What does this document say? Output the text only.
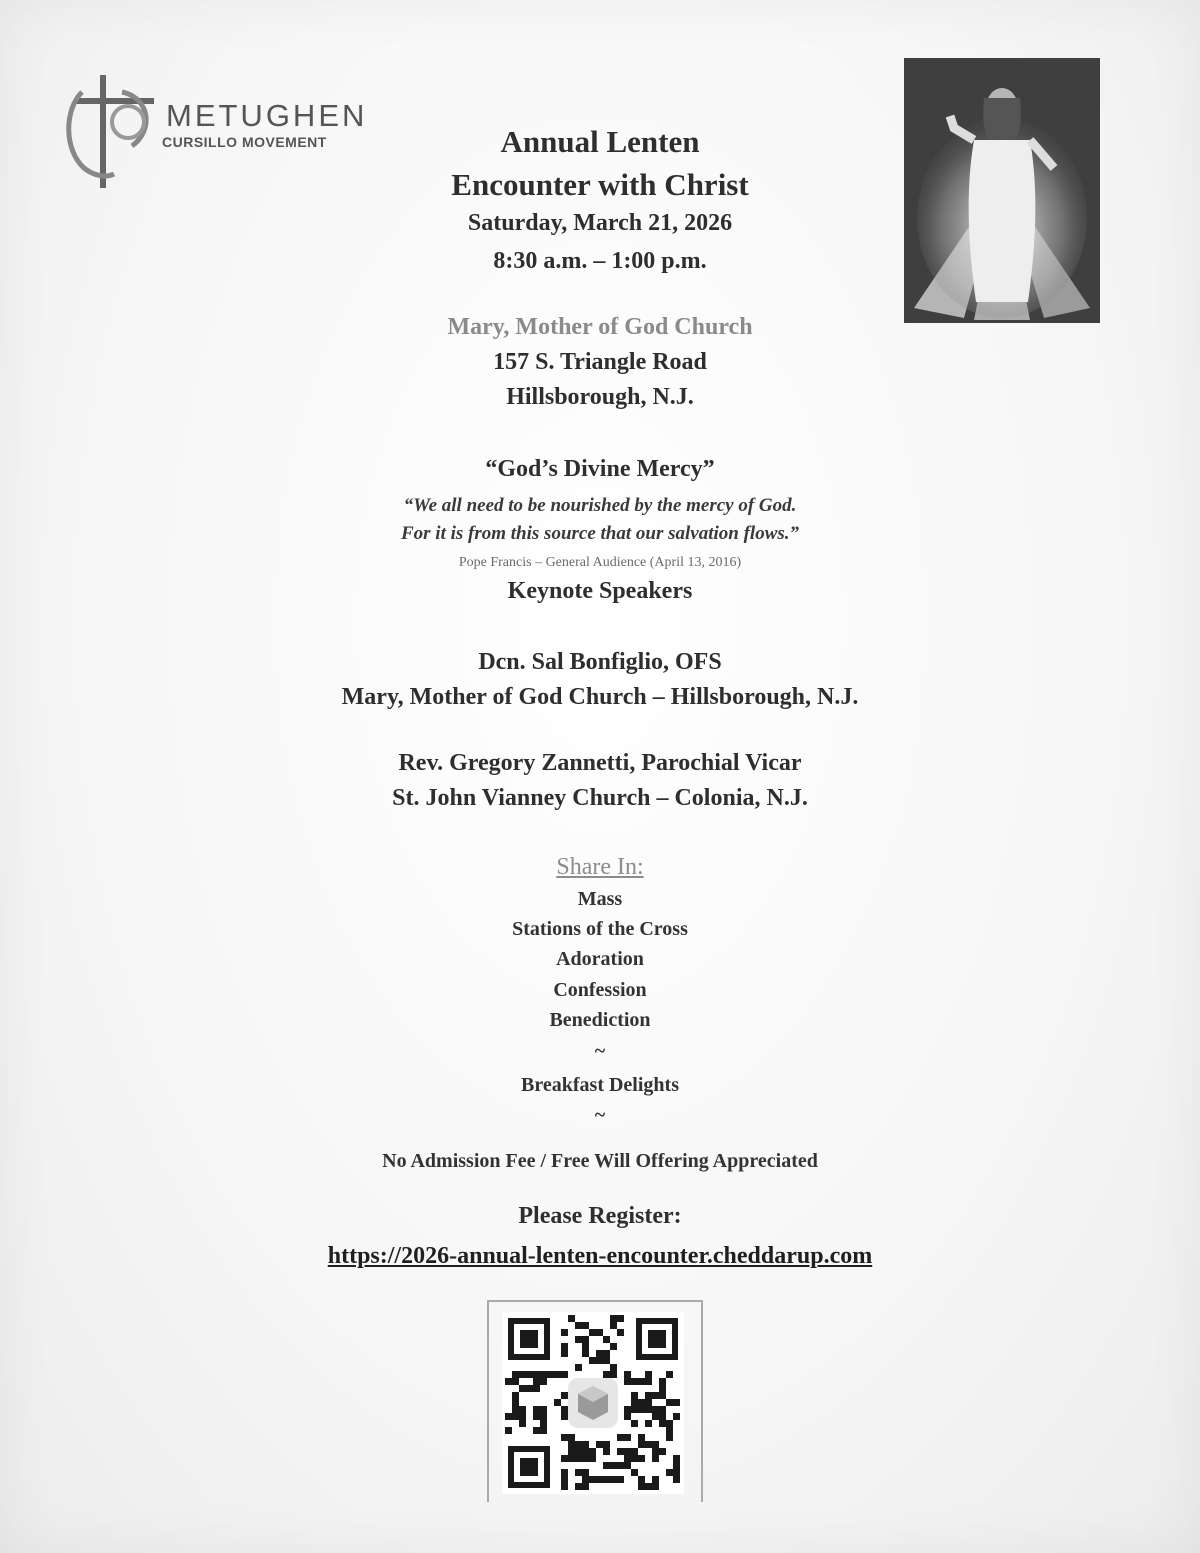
METUGHEN
CURSILLO MOVEMENT	Annual Lenten
Encounter with Christ
Saturday, March 21, 2026
8:30 a.m. – 1:00 p.m.
Mary, Mother of God Church
157 S. Triangle Road
Hillsborough, N.J.
“God’s Divine Mercy”
“We all need to be nourished by the mercy of God.
For it is from this source that our salvation flows.”
Pope Francis – General Audience (April 13, 2016)
Keynote Speakers
Dcn. Sal Bonfiglio, OFS
Mary, Mother of God Church – Hillsborough, N.J.
Rev. Gregory Zannetti, Parochial Vicar
St. John Vianney Church – Colonia, N.J.
Share In:
Mass
Stations of the Cross
Adoration
Confession
Benediction
~
Breakfast Delights
~
No Admission Fee / Free Will Offering Appreciated
Please Register:
https://2026-annual-lenten-encounter.cheddarup.com
